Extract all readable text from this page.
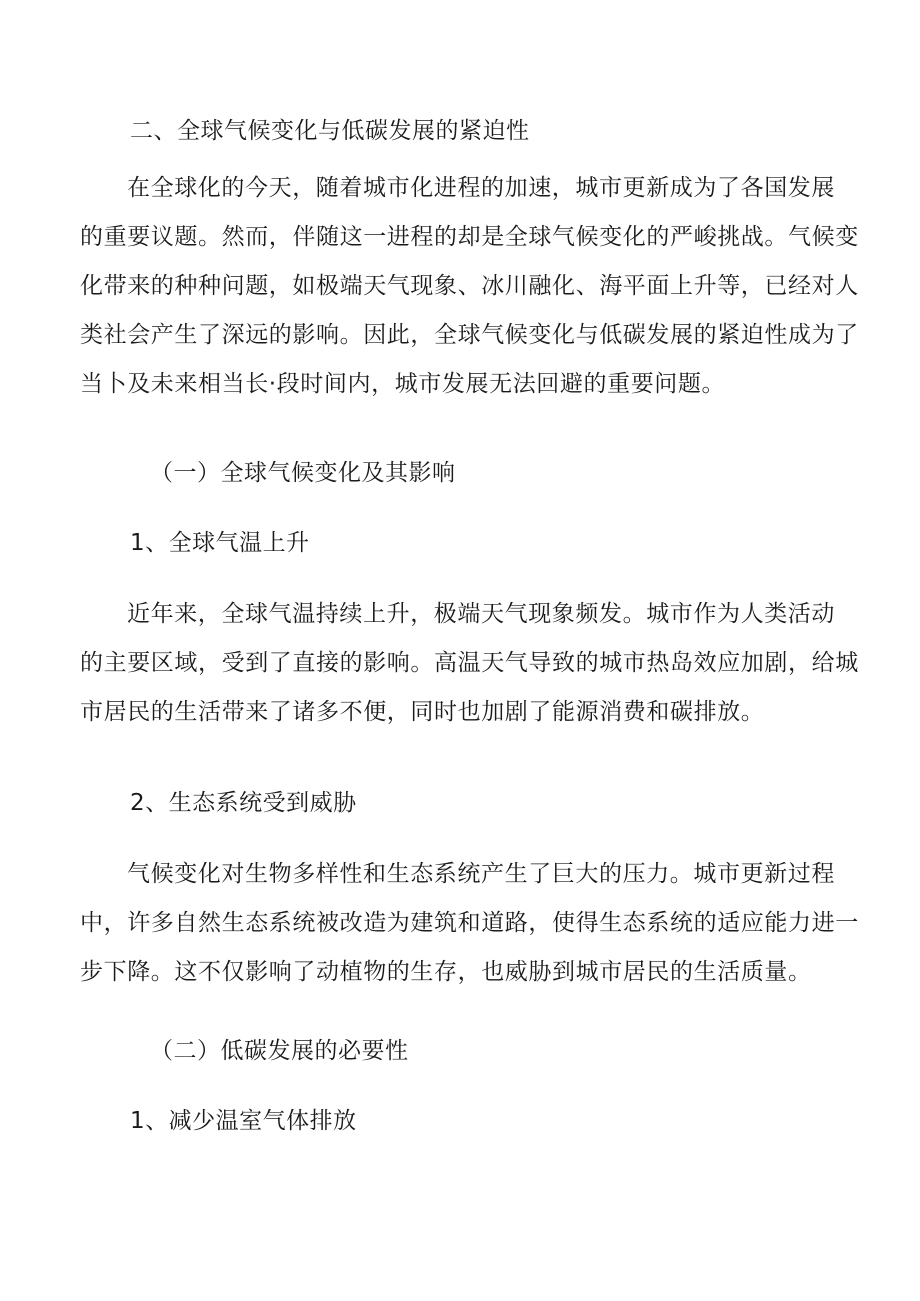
二、全球气候变化与低碳发展的紧迫性
在全球化的今天，随着城市化进程的加速，城市更新成为了各国发展
的重要议题。然而，伴随这一进程的却是全球气候变化的严峻挑战。气候变
化带来的种种问题，如极端天气现象、冰川融化、海平面上升等，已经对人
类社会产生了深远的影响。因此，全球气候变化与低碳发展的紧迫性成为了
当卜及未来相当长·段时间内，城市发展无法回避的重要问题。
（一）全球气候变化及其影响
1、全球气温上升
近年来，全球气温持续上升，极端天气现象频发。城市作为人类活动
的主要区域，受到了直接的影响。高温天气导致的城市热岛效应加剧，给城
市居民的生活带来了诸多不便，同时也加剧了能源消费和碳排放。
2、生态系统受到威胁
气候变化对生物多样性和生态系统产生了巨大的压力。城市更新过程
中，许多自然生态系统被改造为建筑和道路，使得生态系统的适应能力进一
步下降。这不仅影响了动植物的生存，也威胁到城市居民的生活质量。
（二）低碳发展的必要性
1、减少温室气体排放
